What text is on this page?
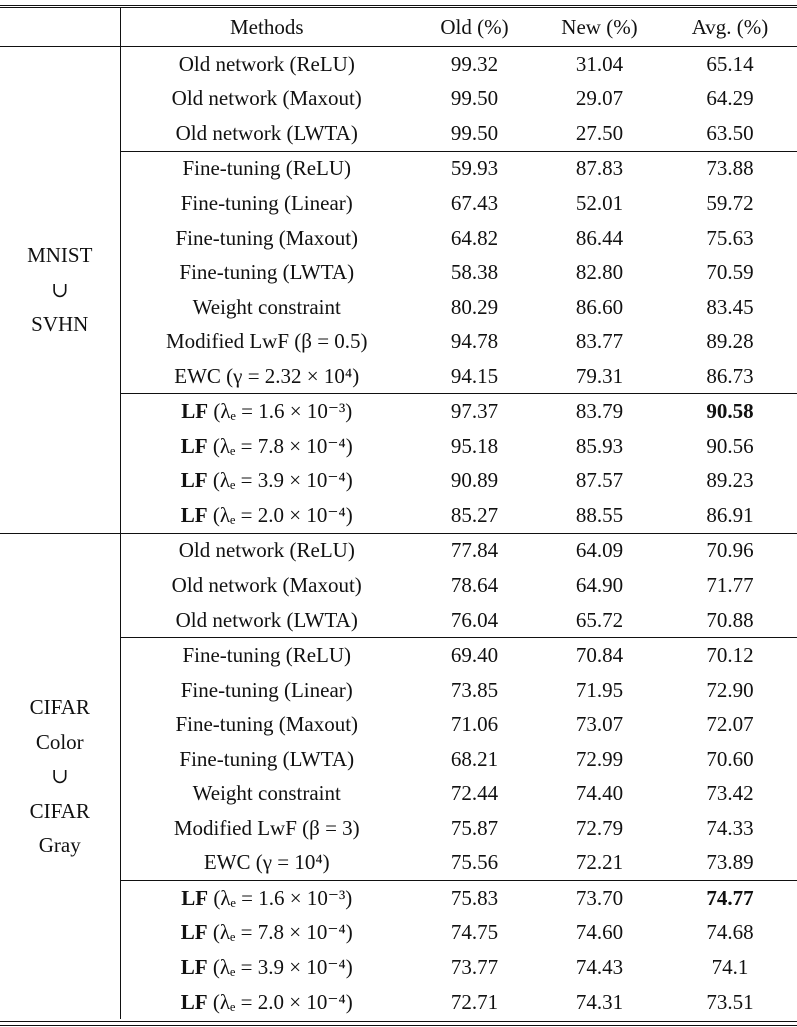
	Methods	Old (%)	New (%)	Avg. (%)

MNIST
∪
SVHN	Old network (ReLU)	99.32	31.04	65.14
	Old network (Maxout)	99.50	29.07	64.29
	Old network (LWTA)	99.50	27.50	63.50
	Fine-tuning (ReLU)	59.93	87.83	73.88
	Fine-tuning (Linear)	67.43	52.01	59.72
	Fine-tuning (Maxout)	64.82	86.44	75.63
	Fine-tuning (LWTA)	58.38	82.80	70.59
	Weight constraint	80.29	86.60	83.45
	Modified LwF (β = 0.5)	94.78	83.77	89.28
	EWC (γ = 2.32 × 10⁴)	94.15	79.31	86.73
	LF (λₑ = 1.6 × 10⁻³)	97.37	83.79	90.58
	LF (λₑ = 7.8 × 10⁻⁴)	95.18	85.93	90.56
	LF (λₑ = 3.9 × 10⁻⁴)	90.89	87.57	89.23
	LF (λₑ = 2.0 × 10⁻⁴)	85.27	88.55	86.91

CIFAR
Color
∪
CIFAR
Gray	Old network (ReLU)	77.84	64.09	70.96
	Old network (Maxout)	78.64	64.90	71.77
	Old network (LWTA)	76.04	65.72	70.88
	Fine-tuning (ReLU)	69.40	70.84	70.12
	Fine-tuning (Linear)	73.85	71.95	72.90
	Fine-tuning (Maxout)	71.06	73.07	72.07
	Fine-tuning (LWTA)	68.21	72.99	70.60
	Weight constraint	72.44	74.40	73.42
	Modified LwF (β = 3)	75.87	72.79	74.33
	EWC (γ = 10⁴)	75.56	72.21	73.89
	LF (λₑ = 1.6 × 10⁻³)	75.83	73.70	74.77
	LF (λₑ = 7.8 × 10⁻⁴)	74.75	74.60	74.68
	LF (λₑ = 3.9 × 10⁻⁴)	73.77	74.43	74.1
	LF (λₑ = 2.0 × 10⁻⁴)	72.71	74.31	73.51
